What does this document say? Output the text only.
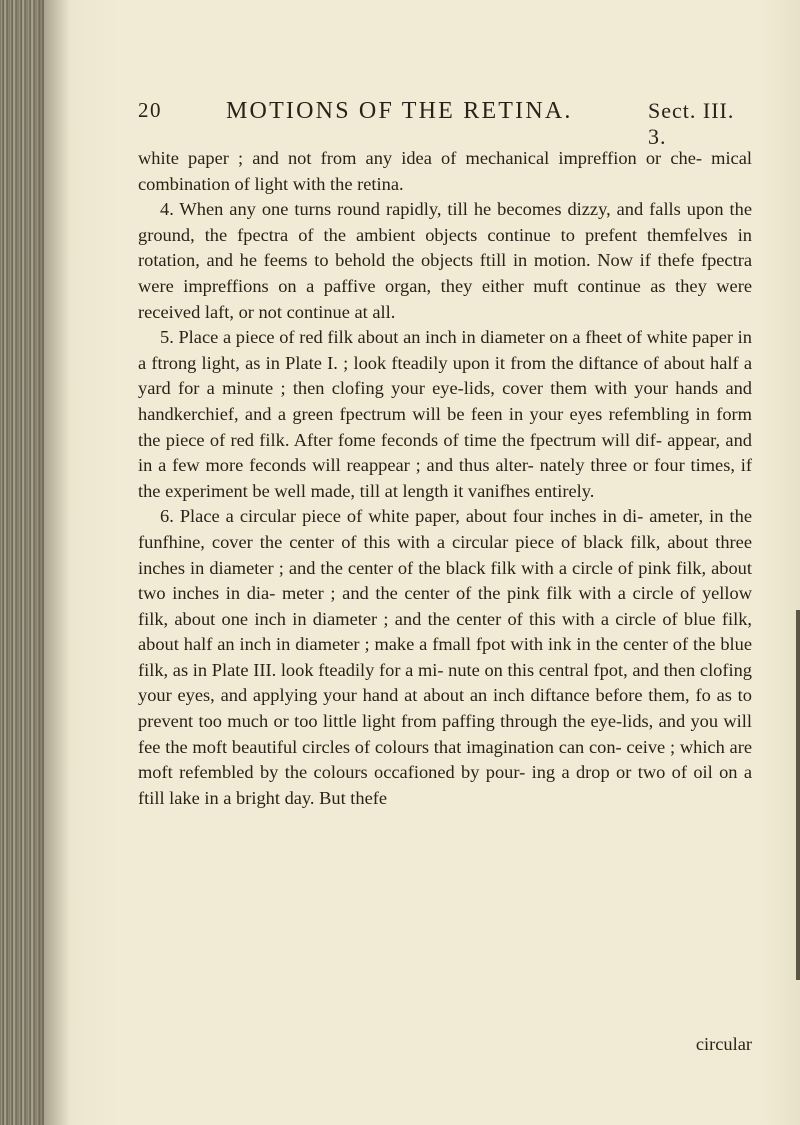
20	MOTIONS OF THE RETINA.	Sect. III. 3.

white paper ; and not from any idea of mechanical impreffion or che- mical combination of light with the retina.

4. When any one turns round rapidly, till he becomes dizzy, and falls upon the ground, the fpectra of the ambient objects continue to prefent themfelves in rotation, and he feems to behold the objects ftill in motion. Now if thefe fpectra were impreffions on a paffive organ, they either muft continue as they were received laft, or not continue at all.

5. Place a piece of red filk about an inch in diameter on a fheet of white paper in a ftrong light, as in Plate I. ; look fteadily upon it from the diftance of about half a yard for a minute ; then clofing your eye-lids, cover them with your hands and handkerchief, and a green fpectrum will be feen in your eyes refembling in form the piece of red filk. After fome feconds of time the fpectrum will dif- appear, and in a few more feconds will reappear ; and thus alter- nately three or four times, if the experiment be well made, till at length it vanifhes entirely.

6. Place a circular piece of white paper, about four inches in di- ameter, in the funfhine, cover the center of this with a circular piece of black filk, about three inches in diameter ; and the center of the black filk with a circle of pink filk, about two inches in dia- meter ; and the center of the pink filk with a circle of yellow filk, about one inch in diameter ; and the center of this with a circle of blue filk, about half an inch in diameter ; make a fmall fpot with ink in the center of the blue filk, as in Plate III. look fteadily for a mi- nute on this central fpot, and then clofing your eyes, and applying your hand at about an inch diftance before them, fo as to prevent too much or too little light from paffing through the eye-lids, and you will fee the moft beautiful circles of colours that imagination can con- ceive ; which are moft refembled by the colours occafioned by pour- ing a drop or two of oil on a ftill lake in a bright day. But thefe

circular
